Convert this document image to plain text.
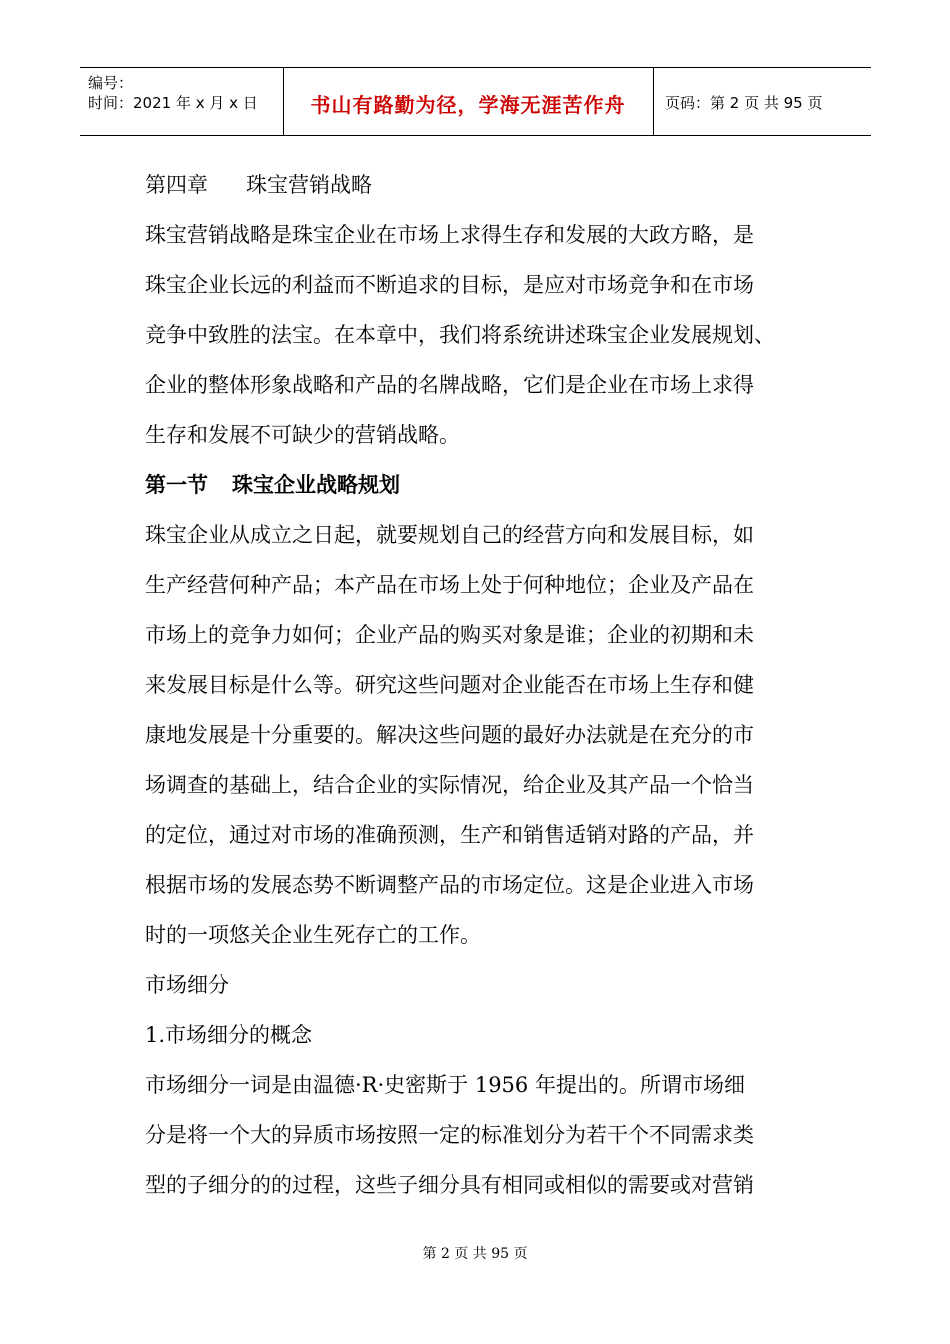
编号：
时间：2021 年 x 月 x 日	书山有路勤为径，学海无涯苦作舟	页码：第 2 页 共 95 页
第四章 珠宝营销战略
珠宝营销战略是珠宝企业在市场上求得生存和发展的大政方略，是
珠宝企业长远的利益而不断追求的目标，是应对市场竞争和在市场
竞争中致胜的法宝。在本章中，我们将系统讲述珠宝企业发展规划、
企业的整体形象战略和产品的名牌战略，它们是企业在市场上求得
生存和发展不可缺少的营销战略。
第一节 珠宝企业战略规划
珠宝企业从成立之日起，就要规划自己的经营方向和发展目标，如
生产经营何种产品；本产品在市场上处于何种地位；企业及产品在
市场上的竞争力如何；企业产品的购买对象是谁；企业的初期和未
来发展目标是什么等。研究这些问题对企业能否在市场上生存和健
康地发展是十分重要的。解决这些问题的最好办法就是在充分的市
场调查的基础上，结合企业的实际情况，给企业及其产品一个恰当
的定位，通过对市场的准确预测，生产和销售适销对路的产品，并
根据市场的发展态势不断调整产品的市场定位。这是企业进入市场
时的一项悠关企业生死存亡的工作。
市场细分
1.市场细分的概念
市场细分一词是由温德·R·史密斯于 1956 年提出的。所谓市场细
分是将一个大的异质市场按照一定的标准划分为若干个不同需求类
型的子细分的的过程，这些子细分具有相同或相似的需要或对营销
第 2 页 共 95 页
